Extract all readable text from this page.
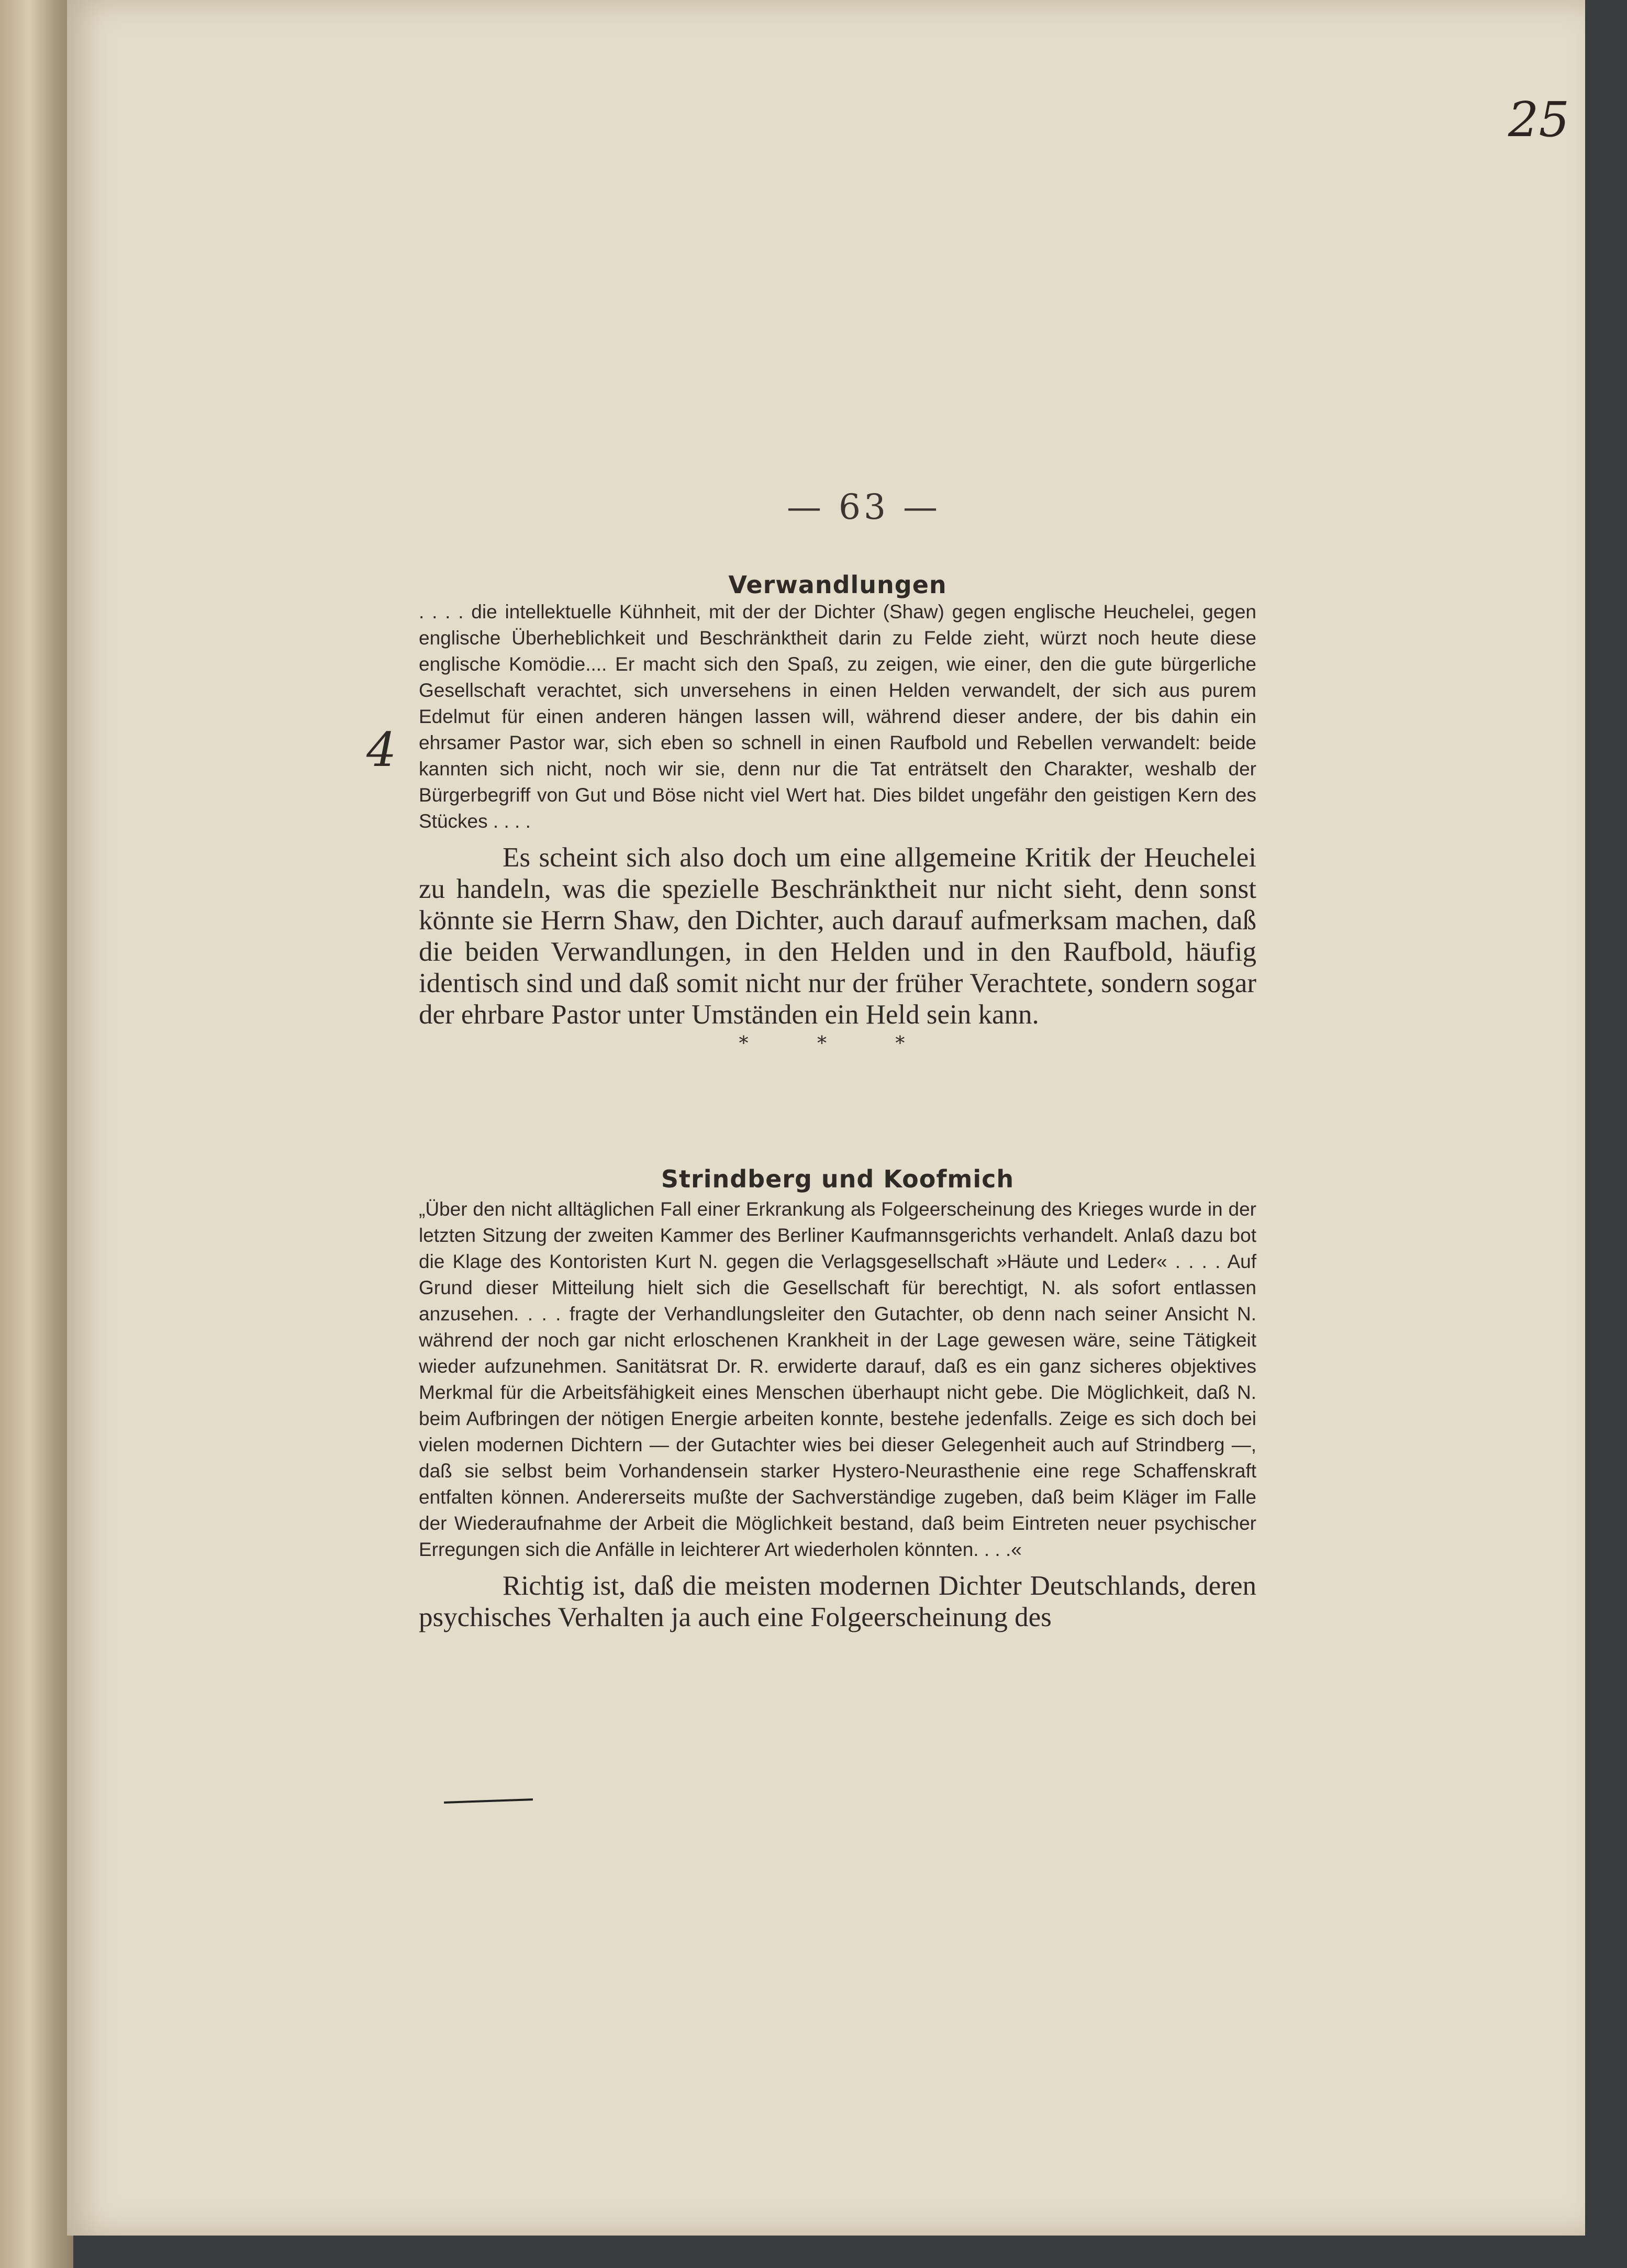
25
— 63 —
4
Verwandlungen

. . . . die intellektuelle Kühnheit, mit der der Dichter (Shaw) gegen englische Heuchelei, gegen englische Überheblichkeit und Beschränktheit darin zu Felde zieht, würzt noch heute diese englische Komödie.... Er macht sich den Spaß, zu zeigen, wie einer, den die gute bürgerliche Gesellschaft verachtet, sich unversehens in einen Helden verwandelt, der sich aus purem Edelmut für einen anderen hängen lassen will, während dieser andere, der bis dahin ein ehrsamer Pastor war, sich eben so schnell in einen Raufbold und Rebellen verwandelt: beide kannten sich nicht, noch wir sie, denn nur die Tat enträtselt den Charakter, weshalb der Bürgerbegriff von Gut und Böse nicht viel Wert hat. Dies bildet ungefähr den geistigen Kern des Stückes . . . .

Es scheint sich also doch um eine allgemeine Kritik der Heuchelei zu handeln, was die spezielle Beschränktheit nur nicht sieht, denn sonst könnte sie Herrn Shaw, den Dichter, auch darauf aufmerksam machen, daß die beiden Verwandlungen, in den Helden und in den Raufbold, häufig identisch sind und daß somit nicht nur der früher Verachtete, sondern sogar der ehrbare Pastor unter Umständen ein Held sein kann.

* * *

Strindberg und Koofmich

„Über den nicht alltäglichen Fall einer Erkrankung als Folgeerscheinung des Krieges wurde in der letzten Sitzung der zweiten Kammer des Berliner Kaufmannsgerichts verhandelt. Anlaß dazu bot die Klage des Kontoristen Kurt N. gegen die Verlagsgesellschaft »Häute und Leder« . . . . Auf Grund dieser Mitteilung hielt sich die Gesellschaft für berechtigt, N. als sofort entlassen anzusehen. . . . fragte der Verhandlungsleiter den Gutachter, ob denn nach seiner Ansicht N. während der noch gar nicht erloschenen Krankheit in der Lage gewesen wäre, seine Tätigkeit wieder aufzunehmen. Sanitätsrat Dr. R. erwiderte darauf, daß es ein ganz sicheres objektives Merkmal für die Arbeitsfähigkeit eines Menschen überhaupt nicht gebe. Die Möglichkeit, daß N. beim Aufbringen der nötigen Energie arbeiten konnte, bestehe jedenfalls. Zeige es sich doch bei vielen modernen Dichtern — der Gutachter wies bei dieser Gelegenheit auch auf Strindberg —, daß sie selbst beim Vorhandensein starker Hystero-Neurasthenie eine rege Schaffenskraft entfalten können. Andererseits mußte der Sachverständige zugeben, daß beim Kläger im Falle der Wiederaufnahme der Arbeit die Möglichkeit bestand, daß beim Eintreten neuer psychischer Erregungen sich die Anfälle in leichterer Art wiederholen könnten. . . .«

Richtig ist, daß die meisten modernen Dichter Deutschlands, deren psychisches Verhalten ja auch eine Folgeerscheinung des
